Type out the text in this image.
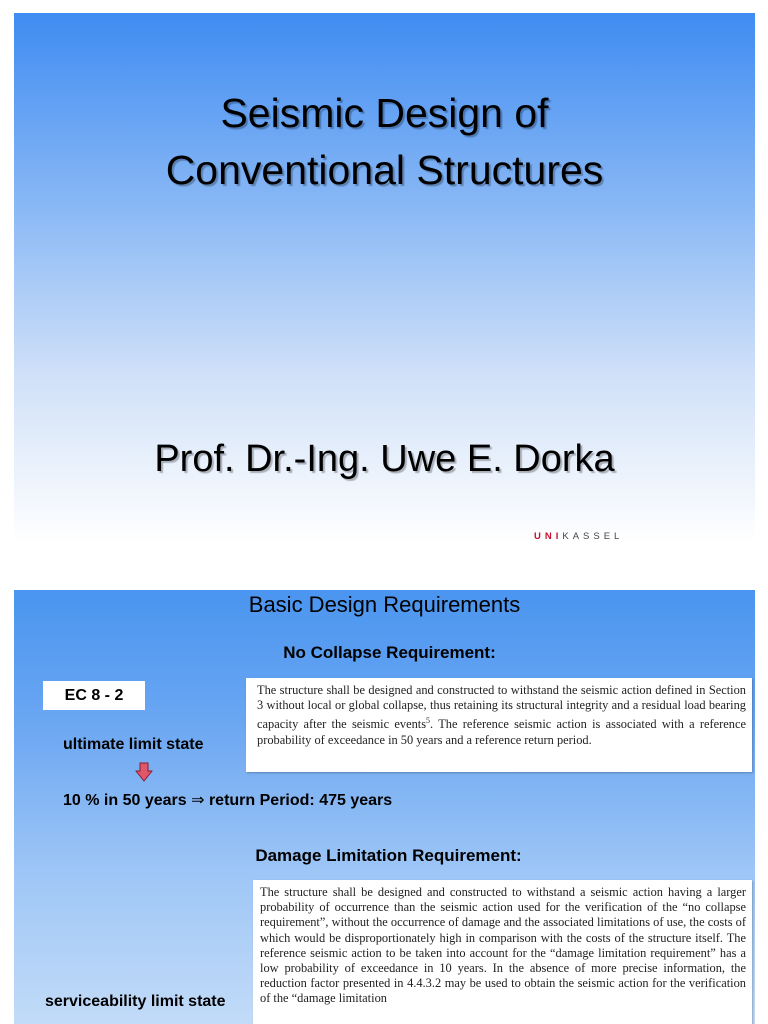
Seismic Design of
Conventional Structures
Prof. Dr.-Ing. Uwe E. Dorka
UNIKASSEL
Basic Design Requirements
No Collapse Requirement:
EC 8 - 2
ultimate limit state
10 % in 50 years ⇒ return Period: 475 years
The structure shall be designed and constructed to withstand the seismic action defined in Section 3 without local or global collapse, thus retaining its structural integrity and a residual load bearing capacity after the seismic events$^5$. The reference seismic action is associated with a reference probability of exceedance in 50 years and a reference return period.
Damage Limitation Requirement:
serviceability limit state
The structure shall be designed and constructed to withstand a seismic action having a larger probability of occurrence than the seismic action used for the verification of the “no collapse requirement”, without the occurrence of damage and the associated limitations of use, the costs of which would be disproportionately high in comparison with the costs of the structure itself. The reference seismic action to be taken into account for the “damage limitation requirement” has a low probability of exceedance in 10 years. In the absence of more precise information, the reduction factor presented in 4.4.3.2 may be used to obtain the seismic action for the verification of the “damage limitation
